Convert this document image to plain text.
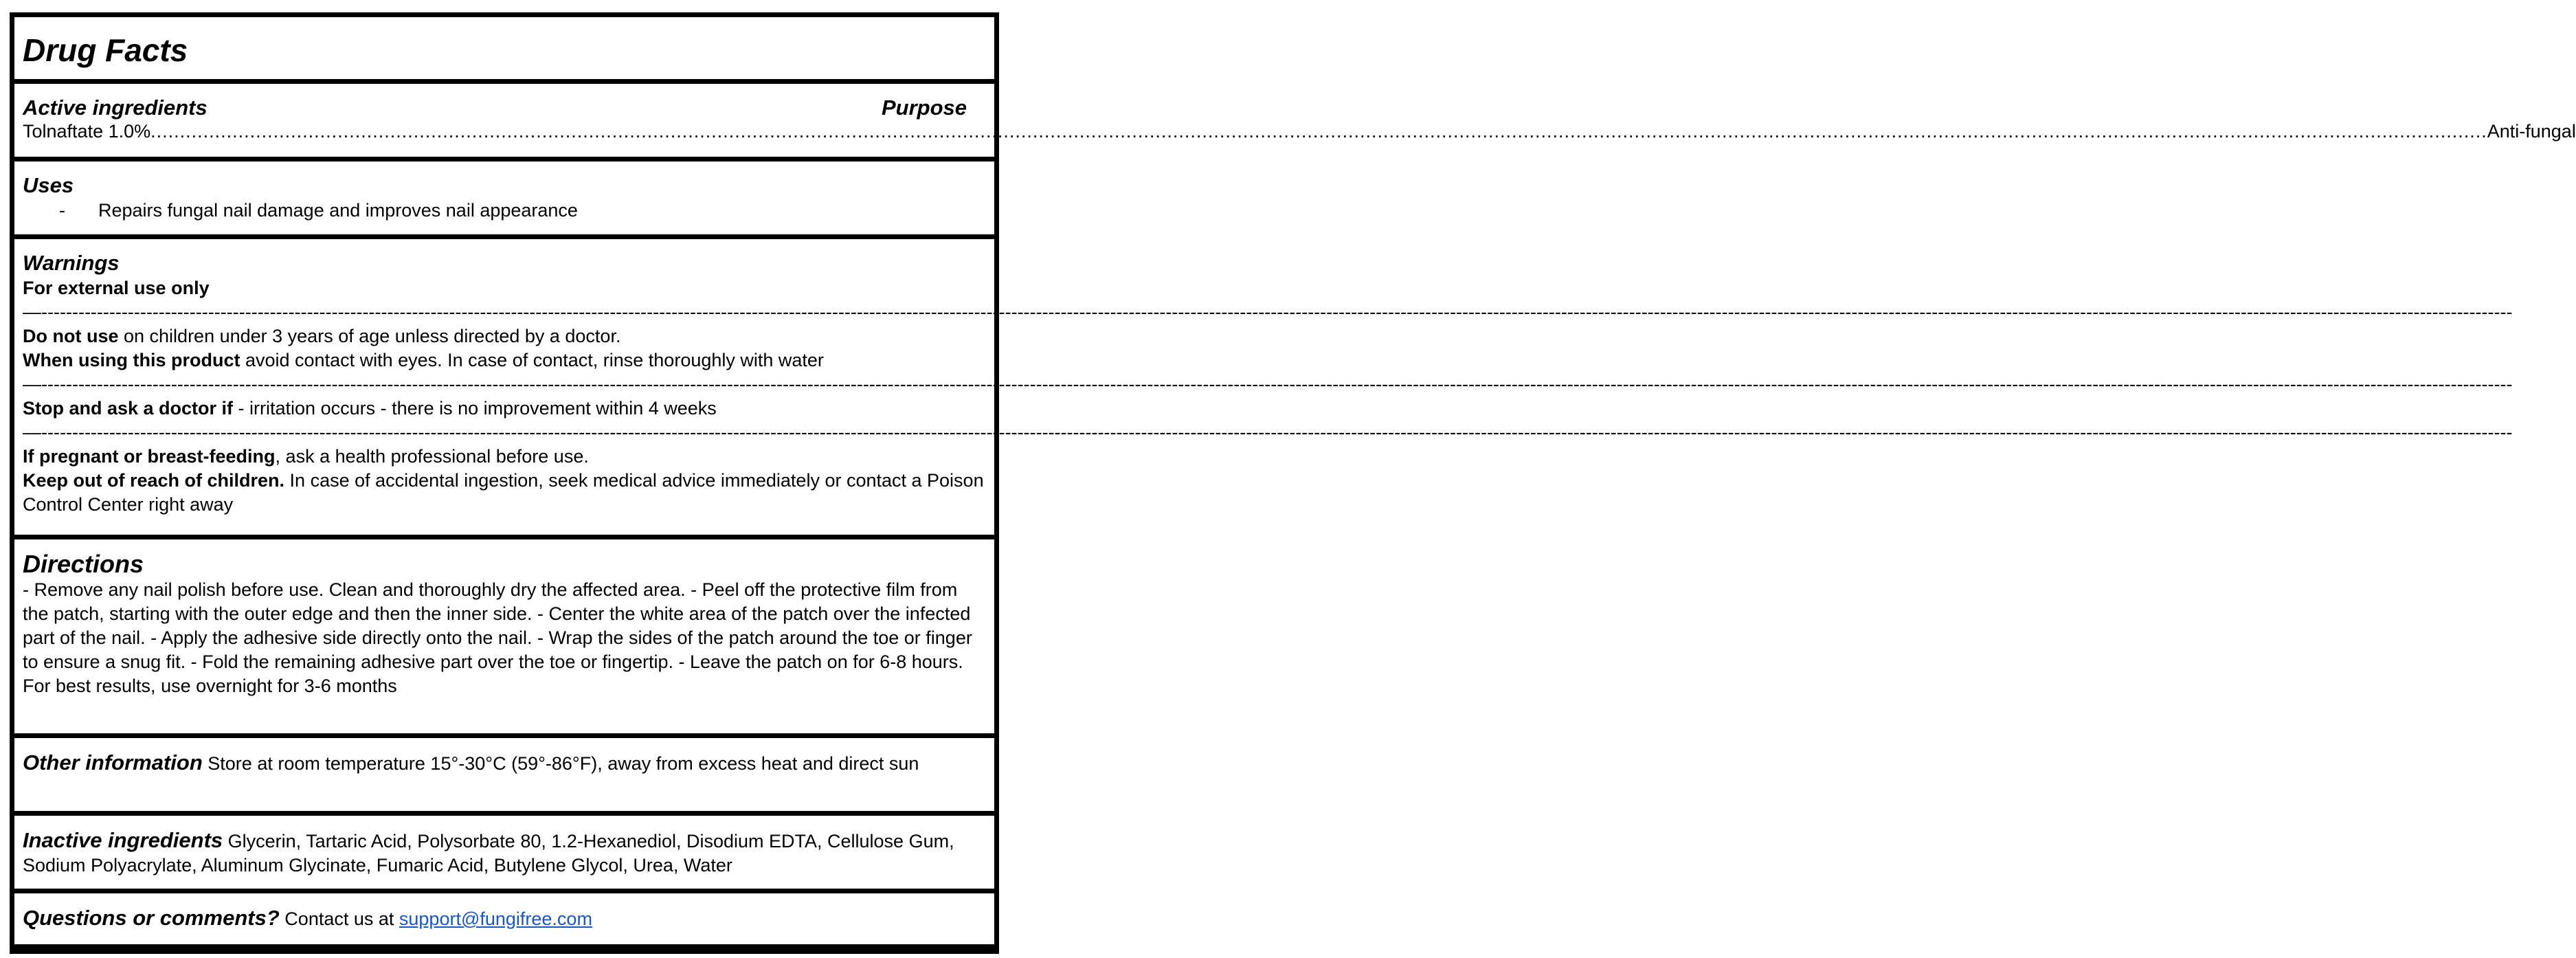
Drug Facts
Active ingredients	Purpose
Tolnaftate 1.0% ................................................................................................................................................................................................................................................................................................................................................................................................................ Anti-fungal
Uses
-	Repairs fungal nail damage and improves nail appearance
Warnings
For external use only
—----------------------------------------------------------------------------------------------------------------------------------------------------------------------------------------------------------------------------------------------------------------------------------------------------------------------------------------------------------------------------------------------------------------
Do not use on children under 3 years of age unless directed by a doctor.
When using this product avoid contact with eyes. In case of contact, rinse thoroughly with water
—----------------------------------------------------------------------------------------------------------------------------------------------------------------------------------------------------------------------------------------------------------------------------------------------------------------------------------------------------------------------------------------------------------------
Stop and ask a doctor if - irritation occurs - there is no improvement within 4 weeks
—----------------------------------------------------------------------------------------------------------------------------------------------------------------------------------------------------------------------------------------------------------------------------------------------------------------------------------------------------------------------------------------------------------------
If pregnant or breast-feeding, ask a health professional before use.
Keep out of reach of children. In case of accidental ingestion, seek medical advice immediately or contact a Poison Control Center right away
Directions
- Remove any nail polish before use. Clean and thoroughly dry the affected area. - Peel off the protective film from the patch, starting with the outer edge and then the inner side. - Center the white area of the patch over the infected part of the nail. - Apply the adhesive side directly onto the nail. - Wrap the sides of the patch around the toe or finger to ensure a snug fit. - Fold the remaining adhesive part over the toe or fingertip. - Leave the patch on for 6-8 hours. For best results, use overnight for 3-6 months
Other information Store at room temperature 15°-30°C (59°-86°F), away from excess heat and direct sun
Inactive ingredients Glycerin, Tartaric Acid, Polysorbate 80, 1.2-Hexanediol, Disodium EDTA, Cellulose Gum, Sodium Polyacrylate, Aluminum Glycinate, Fumaric Acid, Butylene Glycol, Urea, Water
Questions or comments? Contact us at support@fungifree.com
